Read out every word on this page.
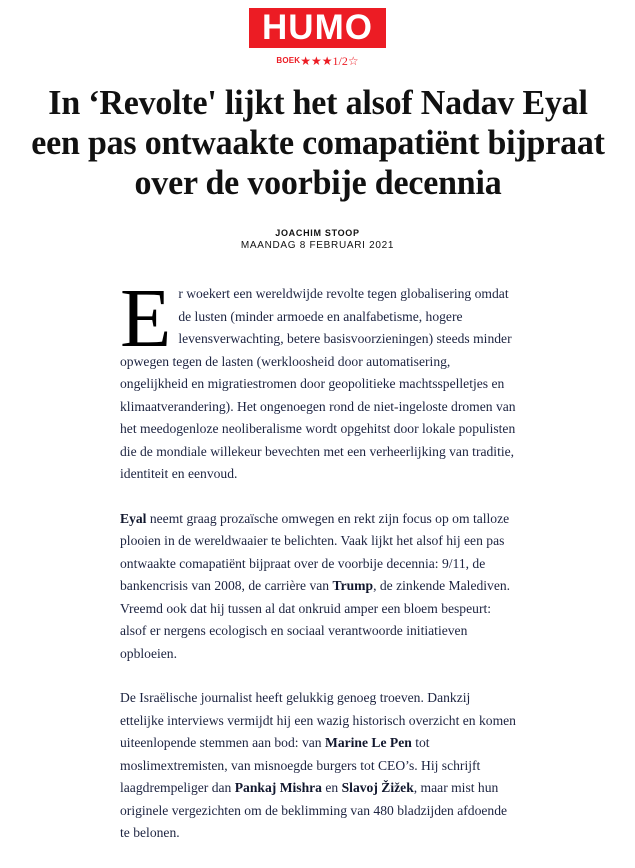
HUMO
BOEK★★★1/2☆
In ‘Revolte' lijkt het alsof Nadav Eyal een pas ontwaakte comapatiënt bijpraat over de voorbije decennia
JOACHIM STOOP
MAANDAG 8 FEBRUARI 2021

Er woekert een wereldwijde revolte tegen globalisering omdat de lusten (minder armoede en analfabetisme, hogere levensverwachting, betere basisvoorzieningen) steeds minder opwegen tegen de lasten (werkloosheid door automatisering, ongelijkheid en migratiestromen door geopolitieke machtsspelletjes en klimaatverandering). Het ongenoegen rond de niet-ingeloste dromen van het meedogenloze neoliberalisme wordt opgehitst door lokale populisten die de mondiale willekeur bevechten met een verheerlijking van traditie, identiteit en eenvoud.

Eyal neemt graag prozaïsche omwegen en rekt zijn focus op om talloze plooien in de wereldwaaier te belichten. Vaak lijkt het alsof hij een pas ontwaakte comapatiënt bijpraat over de voorbije decennia: 9/11, de bankencrisis van 2008, de carrière van Trump, de zinkende Malediven. Vreemd ook dat hij tussen al dat onkruid amper een bloem bespeurt: alsof er nergens ecologisch en sociaal verantwoorde initiatieven opbloeien.

De Israëlische journalist heeft gelukkig genoeg troeven. Dankzij ettelijke interviews vermijdt hij een wazig historisch overzicht en komen uiteenlopende stemmen aan bod: van Marine Le Pen tot moslimextremisten, van misnoegde burgers tot CEO’s. Hij schrijft laagdrempeliger dan Pankaj Mishra en Slavoj Žižek, maar mist hun originele vergezichten om de beklimming van 480 bladzijden afdoende te belonen.
